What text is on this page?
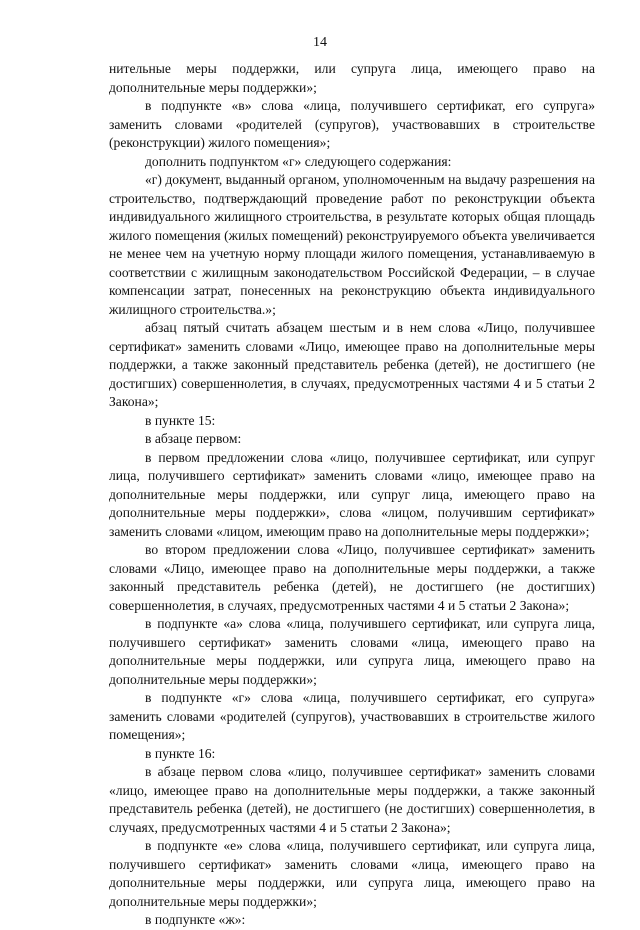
14

нительные меры поддержки, или супруга лица, имеющего право на дополнительные меры поддержки»;

в подпункте «в» слова «лица, получившего сертификат, его супруга» заменить словами «родителей (супругов), участвовавших в строительстве (реконструкции) жилого помещения»;

дополнить подпунктом «г» следующего содержания:

«г) документ, выданный органом, уполномоченным на выдачу разрешения на строительство, подтверждающий проведение работ по реконструкции объекта индивидуального жилищного строительства, в результате которых общая площадь жилого помещения (жилых помещений) реконструируемого объекта увеличивается не менее чем на учетную норму площади жилого помещения, устанавливаемую в соответствии с жилищным законодательством Российской Федерации, – в случае компенсации затрат, понесенных на реконструкцию объекта индивидуального жилищного строительства.»;

абзац пятый считать абзацем шестым и в нем слова «Лицо, получившее сертификат» заменить словами «Лицо, имеющее право на дополнительные меры поддержки, а также законный представитель ребенка (детей), не достигшего (не достигших) совершеннолетия, в случаях, предусмотренных частями 4 и 5 статьи 2 Закона»;

в пункте 15:

в абзаце первом:

в первом предложении слова «лицо, получившее сертификат, или супруг лица, получившего сертификат» заменить словами «лицо, имеющее право на дополнительные меры поддержки, или супруг лица, имеющего право на дополнительные меры поддержки», слова «лицом, получившим сертификат» заменить словами «лицом, имеющим право на дополнительные меры поддержки»;

во втором предложении слова «Лицо, получившее сертификат» заменить словами «Лицо, имеющее право на дополнительные меры поддержки, а также законный представитель ребенка (детей), не достигшего (не достигших) совершеннолетия, в случаях, предусмотренных частями 4 и 5 статьи 2 Закона»;

в подпункте «а» слова «лица, получившего сертификат, или супруга лица, получившего сертификат» заменить словами «лица, имеющего право на дополнительные меры поддержки, или супруга лица, имеющего право на дополнительные меры поддержки»;

в подпункте «г» слова «лица, получившего сертификат, его супруга» заменить словами «родителей (супругов), участвовавших в строительстве жилого помещения»;

в пункте 16:

в абзаце первом слова «лицо, получившее сертификат» заменить словами «лицо, имеющее право на дополнительные меры поддержки, а также законный представитель ребенка (детей), не достигшего (не достигших) совершеннолетия, в случаях, предусмотренных частями 4 и 5 статьи 2 Закона»;

в подпункте «е» слова «лица, получившего сертификат, или супруга лица, получившего сертификат» заменить словами «лица, имеющего право на дополнительные меры поддержки, или супруга лица, имеющего право на дополнительные меры поддержки»;

в подпункте «ж»:
